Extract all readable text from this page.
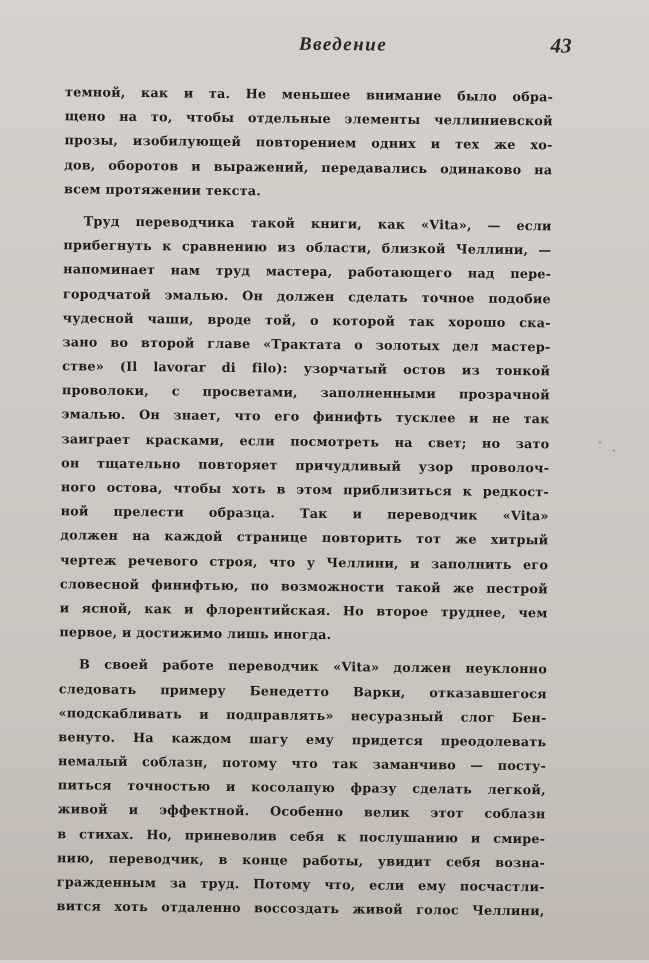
Введение	43
темной, как и та. Не меньшее внимание было обра-
щено на то, чтобы отдельные элементы челлиниевской
прозы, изобилующей повторением одних и тех же хо-
дов, оборотов и выражений, передавались одинаково на
всем протяжении текста.
Труд переводчика такой книги, как «Vita», — если
прибегнуть к сравнению из области, близкой Челлини, —
напоминает нам труд мастера, работающего над пере-
городчатой эмалью. Он должен сделать точное подобие
чудесной чаши, вроде той, о которой так хорошо ска-
зано во второй главе «Трактата о золотых дел мастер-
стве» (Il lavorar di filo): узорчатый остов из тонкой
проволоки, с просветами, заполненными прозрачной
эмалью. Он знает, что его финифть тусклее и не так
заиграет красками, если посмотреть на свет; но зато
он тщательно повторяет причудливый узор проволоч-
ного остова, чтобы хоть в этом приблизиться к редкост-
ной прелести образца. Так и переводчик «Vita»
должен на каждой странице повторить тот же хитрый
чертеж речевого строя, что у Челлини, и заполнить его
словесной финифтью, по возможности такой же пестрой
и ясной, как и флорентийская. Но второе труднее, чем
первое, и достижимо лишь иногда.
В своей работе переводчик «Vita» должен неуклонно
следовать примеру Бенедетто Варки, отказавшегося
«подскабливать и подправлять» несуразный слог Бен-
венуто. На каждом шагу ему придется преодолевать
немалый соблазн, потому что так заманчиво — посту-
питься точностью и косолапую фразу сделать легкой,
живой и эффектной. Особенно велик этот соблазн
в стихах. Но, приневолив себя к послушанию и смире-
нию, переводчик, в конце работы, увидит себя возна-
гражденным за труд. Потому что, если ему посчастли-
вится хоть отдаленно воссоздать живой голос Челлини,
